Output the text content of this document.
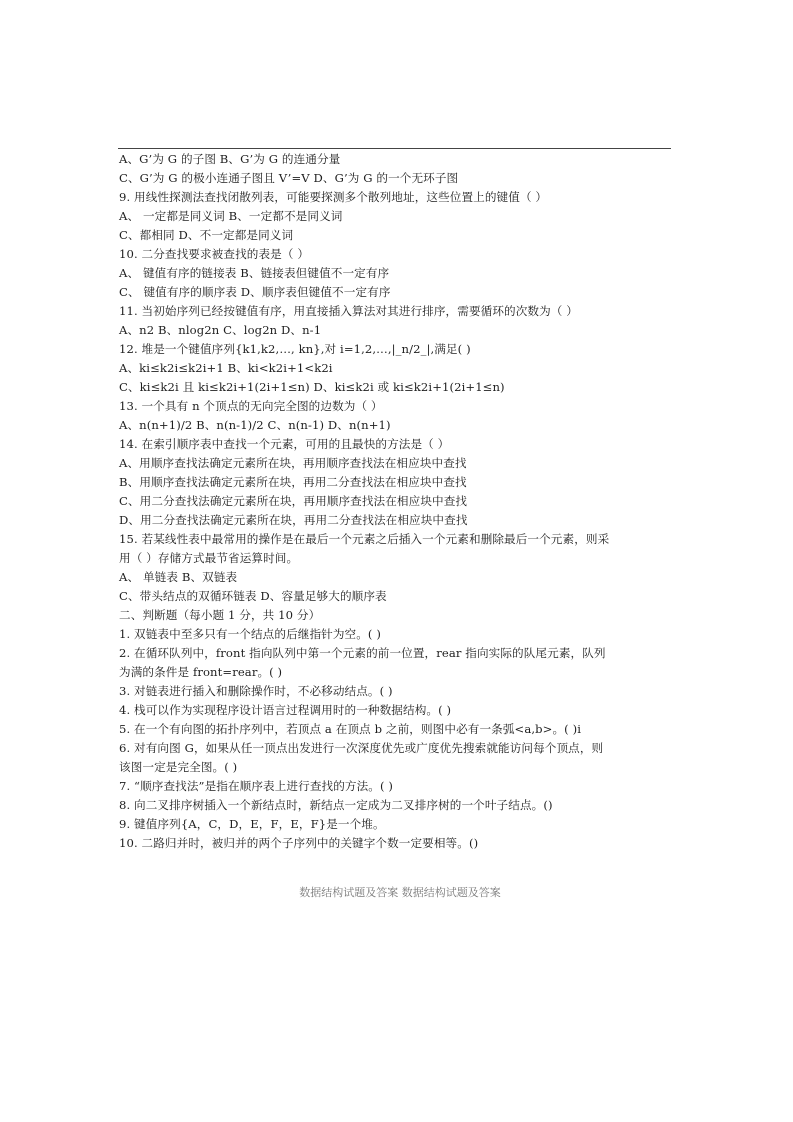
A、G’为 G 的子图 B、G’为 G 的连通分量
C、G’为 G 的极小连通子图且 V’=V D、G’为 G 的一个无环子图
9. 用线性探测法查找闭散列表，可能要探测多个散列地址，这些位置上的键值（ ）
A、 一定都是同义词 B、一定都不是同义词
C、都相同 D、不一定都是同义词
10. 二分查找要求被查找的表是（ ）
A、 键值有序的链接表 B、链接表但键值不一定有序
C、 键值有序的顺序表 D、顺序表但键值不一定有序
11. 当初始序列已经按键值有序，用直接插入算法对其进行排序，需要循环的次数为（ ）
A、n2 B、nlog2n C、log2n D、n-1
12. 堆是一个键值序列{k1,k2,…, kn},对 i=1,2,…,|_n/2_|,满足( )
A、ki≤k2i≤k2i+1 B、ki<k2i+1<k2i
C、ki≤k2i 且 ki≤k2i+1(2i+1≤n) D、ki≤k2i 或 ki≤k2i+1(2i+1≤n)
13. 一个具有 n 个顶点的无向完全图的边数为（ ）
A、n(n+1)/2 B、n(n-1)/2 C、n(n-1) D、n(n+1)
14. 在索引顺序表中查找一个元素，可用的且最快的方法是（ ）
A、用顺序查找法确定元素所在块，再用顺序查找法在相应块中查找
B、用顺序查找法确定元素所在块，再用二分查找法在相应块中查找
C、用二分查找法确定元素所在块，再用顺序查找法在相应块中查找
D、用二分查找法确定元素所在块，再用二分查找法在相应块中查找
15. 若某线性表中最常用的操作是在最后一个元素之后插入一个元素和删除最后一个元素，则采
用（ ）存储方式最节省运算时间。
A、 单链表 B、双链表
C、带头结点的双循环链表 D、容量足够大的顺序表
二、判断题（每小题 1 分，共 10 分）
1. 双链表中至多只有一个结点的后继指针为空。( )
2. 在循环队列中，front 指向队列中第一个元素的前一位置，rear 指向实际的队尾元素，队列
为满的条件是 front=rear。( )
3. 对链表进行插入和删除操作时，不必移动结点。( )
4. 栈可以作为实现程序设计语言过程调用时的一种数据结构。( )
5. 在一个有向图的拓扑序列中，若顶点 a 在顶点 b 之前，则图中必有一条弧<a,b>。( )i
6. 对有向图 G，如果从任一顶点出发进行一次深度优先或广度优先搜索就能访问每个顶点，则
该图一定是完全图。( )
7. “顺序查找法”是指在顺序表上进行查找的方法。( )
8. 向二叉排序树插入一个新结点时，新结点一定成为二叉排序树的一个叶子结点。()
9. 键值序列{A，C，D，E，F，E，F}是一个堆。
10. 二路归并时，被归并的两个子序列中的关键字个数一定要相等。()
数据结构试题及答案 数据结构试题及答案
